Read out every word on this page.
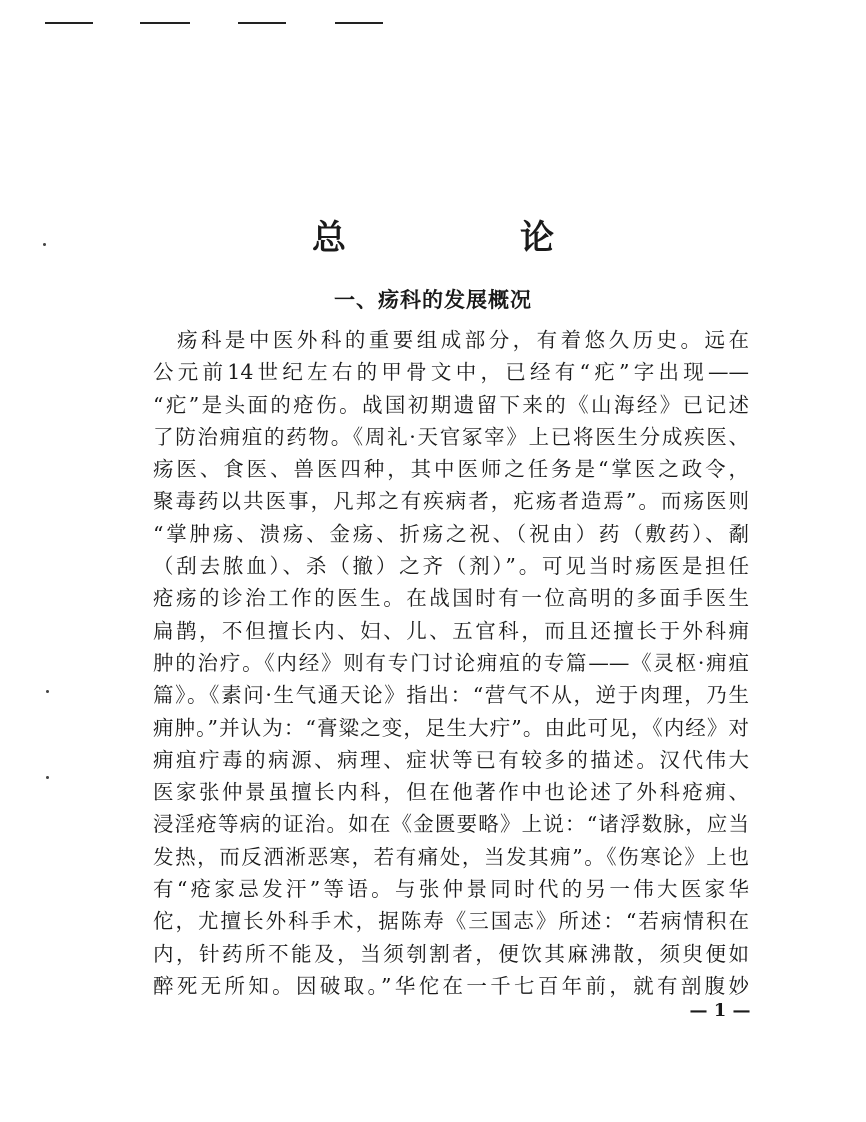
总　论
一、疡科的发展概况
　疡科是中医外科的重要组成部分，有着悠久历史。远在
公元前14世纪左右的甲骨文中，已经有“疕”字出现——
“疕”是头面的疮伤。战国初期遗留下来的《山海经》已记述
了防治痈疽的药物。《周礼·天官冢宰》上已将医生分成疾医、
疡医、食医、兽医四种，其中医师之任务是“掌医之政令，
聚毒药以共医事，凡邦之有疾病者，疕疡者造焉”。而疡医则
“掌肿疡、溃疡、金疡、折疡之祝、（祝由）药（敷药）、劀
（刮去脓血）、杀（撤）之齐（剂）”。可见当时疡医是担任
疮疡的诊治工作的医生。在战国时有一位高明的多面手医生
扁鹊，不但擅长内、妇、儿、五官科，而且还擅长于外科痈
肿的治疗。《内经》则有专门讨论痈疽的专篇——《灵枢·痈疽
篇》。《素问·生气通天论》指出：“营气不从，逆于肉理，乃生
痈肿。”并认为：“膏粱之变，足生大疔”。由此可见，《内经》对
痈疽疔毒的病源、病理、症状等已有较多的描述。汉代伟大
医家张仲景虽擅长内科，但在他著作中也论述了外科疮痈、
浸淫疮等病的证治。如在《金匮要略》上说：“诸浮数脉，应当
发热，而反洒淅恶寒，若有痛处，当发其痈”。《伤寒论》上也
有“疮家忌发汗”等语。与张仲景同时代的另一伟大医家华
佗，尤擅长外科手术，据陈寿《三国志》所述：“若病情积在
内，针药所不能及，当须刳割者，便饮其麻沸散，须臾便如
醉死无所知。因破取。”华佗在一千七百年前，就有剖腹妙
— 1 —
